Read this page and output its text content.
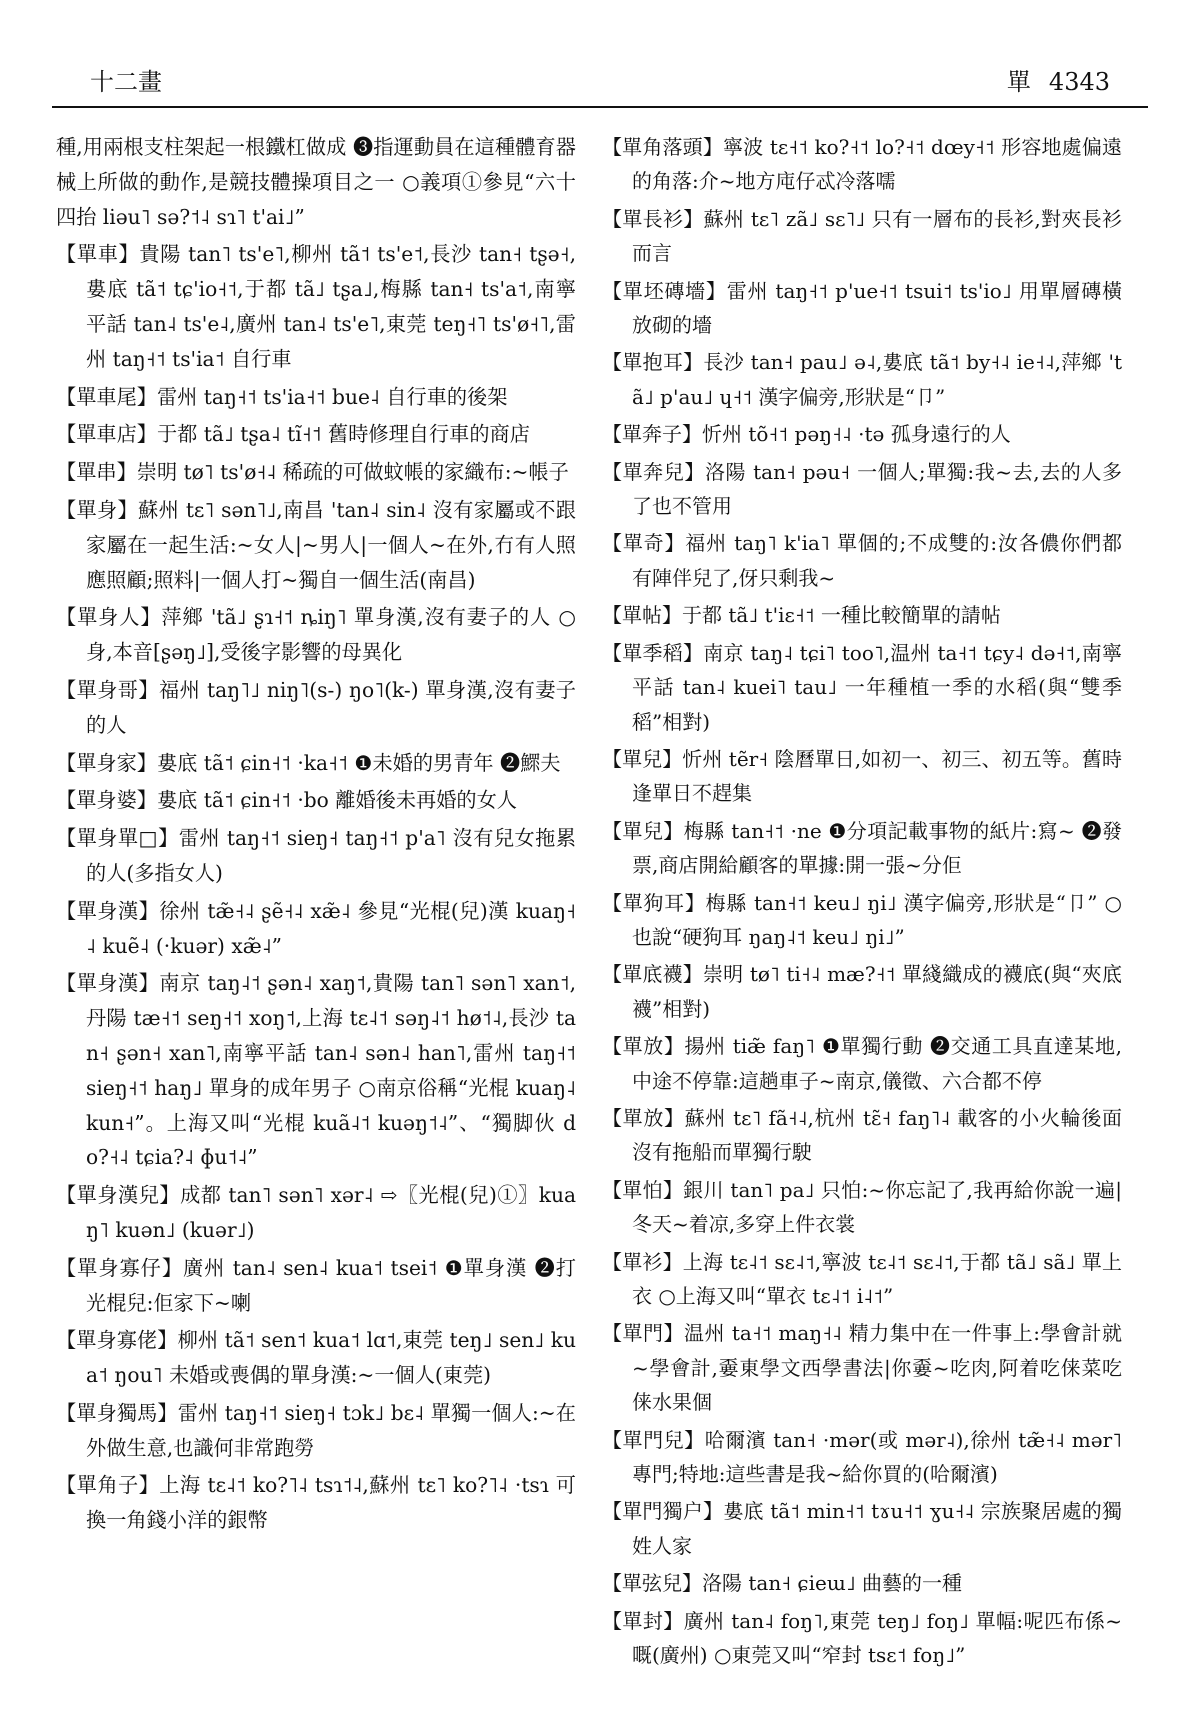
十二畫	單 4343

種,用兩根支柱架起一根鐵杠做成 ❸指運動員在這種體育器械上所做的動作,是競技體操項目之一 ○義項①參見“六十四抬 liəu˥ sə?˦˨ sɿ˥ t'ai˩”

【單車】貴陽 tan˥ ts'e˥,柳州 tã˦ ts'e˦,長沙 tan˧ tʂə˧,婁底 tã˦ tɕ'io˧˦,于都 tã˩ tʂa˩,梅縣 tan˧ ts'a˦,南寧平話 tan˨ ts'e˨,廣州 tan˨ ts'e˥,東莞 teŋ˧˥ ts'ø˧˥,雷州 taŋ˧˦ ts'ia˦ 自行車

【單車尾】雷州 taŋ˧˦ ts'ia˧˦ bue˨ 自行車的後架

【單車店】于都 tã˩ tʂa˨ tĩ˧˦ 舊時修理自行車的商店

【單串】崇明 tø˥ ts'ø˧˨ 稀疏的可做蚊帳的家織布:~帳子

【單身】蘇州 tɛ˥ sən˥˩,南昌 'tan˨ sin˨ 沒有家屬或不跟家屬在一起生活:~女人|~男人|一個人~在外,冇有人照應照顧;照料|一個人打~獨自一個生活(南昌)

【單身人】萍鄉 'tã˩ ʂɿ˧˦ ȵiŋ˥ 單身漢,沒有妻子的人 ○身,本音[ʂəŋ˩],受後字影響的母異化

【單身哥】福州 taŋ˥˩ niŋ˥(s-) ŋo˥(k-) 單身漢,沒有妻子的人

【單身家】婁底 tã˦ ɕin˧˦ ·ka˧˦ ❶未婚的男青年 ❷鰥夫

【單身婆】婁底 tã˦ ɕin˧˦ ·bo 離婚後未再婚的女人

【單身單□】雷州 taŋ˧˦ sieŋ˧ taŋ˧˦ p'a˥ 沒有兒女拖累的人(多指女人)

【單身漢】徐州 tæ̃˧˨ ʂẽ˧˨ xæ̃˨ 參見“光棍(兒)漢 kuaŋ˧˨ kuẽ˨ (·kuər) xæ̃˨”

【單身漢】南京 taŋ˨˦ ʂən˨ xaŋ˦,貴陽 tan˥ sən˥ xan˦,丹陽 tæ˧˦ seŋ˧˦ xoŋ˦,上海 tɛ˨˦ səŋ˨˦ hø˦˨,長沙 tan˧ ʂən˧ xan˥,南寧平話 tan˨ sən˨ han˥,雷州 taŋ˧˦ sieŋ˧˦ haŋ˩ 單身的成年男子 ○南京俗稱“光棍 kuaŋ˨ kun˧”。上海又叫“光棍 kuã˨˦ kuəŋ˦˨”、“獨脚伙 do?˧˨ tɕia?˨ ɸu˦˨”

【單身漢兒】成都 tan˥ sən˥ xər˨ ⇨〖光棍(兒)①〗kuaŋ˥ kuən˩ (kuər˩)

【單身寡仔】廣州 tan˨ sen˨ kua˦ tsei˦ ❶單身漢 ❷打光棍兒:佢家下~喇

【單身寡佬】柳州 tã˦ sen˦ kua˦ lɑ˦,東莞 teŋ˩ sen˩ kua˦ ŋou˥ 未婚或喪偶的單身漢:~一個人(東莞)

【單身獨馬】雷州 taŋ˧˦ sieŋ˧ tɔk˩ bɛ˨ 單獨一個人:~在外做生意,也識何非常跑勞

【單角子】上海 tɛ˨˦ ko?˥˨ tsɿ˦˨,蘇州 tɛ˥ ko?˥˨ ·tsɿ 可換一角錢小洋的銀幣

【單角落頭】寧波 tɛ˧˦ ko?˧˦ lo?˧˦ dœy˧˦ 形容地處偏遠的角落:介~地方庉仔忒冷落嚅

【單長衫】蘇州 tɛ˥ zã˩ sɛ˥˩ 只有一層布的長衫,對夾長衫而言

【單坯磚墻】雷州 taŋ˧˦ p'ue˧˦ tsui˦ ts'io˩ 用單層磚橫放砌的墻

【單抱耳】長沙 tan˧ pau˩ ə˨,婁底 tã˦ by˧˨ ie˧˨,萍鄉 'tã˩ p'au˩ ɥ˧˦ 漢字偏旁,形狀是“卩”

【單奔子】忻州 tõ˧˦ pəŋ˧˨ ·tə 孤身遠行的人

【單奔兒】洛陽 tan˧ pəu˧ 一個人;單獨:我~去,去的人多了也不管用

【單奇】福州 taŋ˥ k'ia˥ 單個的;不成雙的:汝各儂你們都有陣伴兒了,伢只剩我~

【單帖】于都 tã˩ t'iɛ˧˦ 一種比較簡單的請帖

【單季稻】南京 taŋ˨ tɕi˥ too˥,温州 ta˧˦ tɕy˨ də˧˦,南寧平話 tan˨ kuei˥ tau˩ 一年種植一季的水稻(與“雙季稻”相對)

【單兒】忻州 tẽr˧ 陰曆單日,如初一、初三、初五等。舊時逢單日不趕集

【單兒】梅縣 tan˧˦ ·ne ❶分項記載事物的紙片:寫~ ❷發票,商店開給顧客的單據:開一張~分佢

【單狗耳】梅縣 tan˧˦ keu˩ ŋi˩ 漢字偏旁,形狀是“卩” ○也說“硬狗耳 ŋaŋ˨˦ keu˩ ŋi˩”

【單底襪】崇明 tø˥ ti˧˨ mæ?˧˦ 單綫織成的襪底(與“夾底襪”相對)

【單放】揚州 tiæ̃ faŋ˥ ❶單獨行動 ❷交通工具直達某地,中途不停靠:這趟車子~南京,儀徵、六合都不停

【單放】蘇州 tɛ˥ fã˧˨,杭州 tɛ̃˧ faŋ˥˨ 載客的小火輪後面沒有拖船而單獨行駛

【單怕】銀川 tan˥ pa˩ 只怕:~你忘記了,我再給你說一遍|冬天~着凉,多穿上件衣裳

【單衫】上海 tɛ˨˦ sɛ˨˦,寧波 tɛ˨˦ sɛ˨˦,于都 tã˩ sã˩ 單上衣 ○上海又叫“單衣 tɛ˨˦ i˨˦”

【單門】温州 ta˧˦ maŋ˧˨ 精力集中在一件事上:學會計就~學會計,嫑東學文西學書法|你嫑~吃肉,阿着吃俫菜吃俫水果個

【單門兒】哈爾濱 tan˧ ·mər(或 mər˨),徐州 tæ̃˧˨ mər˥ 專門;特地:這些書是我~給你買的(哈爾濱)

【單門獨户】婁底 tã˦ min˧˦ tɤu˧˦ ɣu˧˨ 宗族聚居處的獨姓人家

【單弦兒】洛陽 tan˧ ɕieɯ˩ 曲藝的一種

【單封】廣州 tan˨ foŋ˥,東莞 teŋ˩ foŋ˩ 單幅:呢匹布係~嘅(廣州) ○東莞又叫“窄封 tsɛ˦ foŋ˩”
